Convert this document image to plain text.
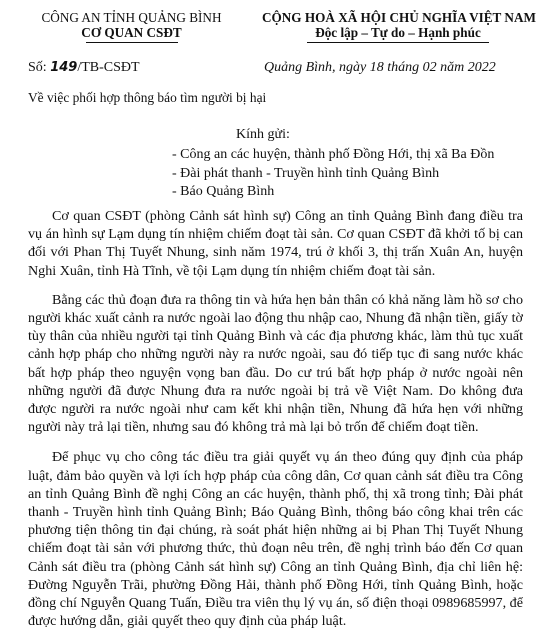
CÔNG AN TỈNH QUẢNG BÌNH
CƠ QUAN CSĐT
CỘNG HOÀ XÃ HỘI CHỦ NGHĨA VIỆT NAM
Độc lập – Tự do – Hạnh phúc
Số: 149/TB-CSĐT	Quảng Bình, ngày 18 tháng 02 năm 2022
Về việc phối hợp thông báo tìm người bị hại
Kính gửi:
- Công an các huyện, thành phố Đồng Hới, thị xã Ba Đồn
- Đài phát thanh - Truyền hình tỉnh Quảng Bình
- Báo Quảng Bình

Cơ quan CSĐT (phòng Cảnh sát hình sự) Công an tỉnh Quảng Bình đang điều tra vụ án hình sự Lạm dụng tín nhiệm chiếm đoạt tài sản. Cơ quan CSĐT đã khởi tố bị can đối với Phan Thị Tuyết Nhung, sinh năm 1974, trú ở khối 3, thị trấn Xuân An, huyện Nghi Xuân, tỉnh Hà Tĩnh, về tội Lạm dụng tín nhiệm chiếm đoạt tài sản.

Bằng các thủ đoạn đưa ra thông tin và hứa hẹn bản thân có khả năng làm hồ sơ cho người khác xuất cảnh ra nước ngoài lao động thu nhập cao, Nhung đã nhận tiền, giấy tờ tùy thân của nhiều người tại tỉnh Quảng Bình và các địa phương khác, làm thủ tục xuất cảnh hợp pháp cho những người này ra nước ngoài, sau đó tiếp tục đi sang nước khác bất hợp pháp theo nguyện vọng ban đầu. Do cư trú bất hợp pháp ở nước ngoài nên những người đã được Nhung đưa ra nước ngoài bị trả về Việt Nam. Do không đưa được người ra nước ngoài như cam kết khi nhận tiền, Nhung đã hứa hẹn với những người này trả lại tiền, nhưng sau đó không trả mà lại bỏ trốn để chiếm đoạt tiền.

Để phục vụ cho công tác điều tra giải quyết vụ án theo đúng quy định của pháp luật, đảm bảo quyền và lợi ích hợp pháp của công dân, Cơ quan cảnh sát điều tra Công an tỉnh Quảng Bình đề nghị Công an các huyện, thành phố, thị xã trong tỉnh; Đài phát thanh - Truyền hình tỉnh Quảng Bình; Báo Quảng Bình, thông báo công khai trên các phương tiện thông tin đại chúng, rà soát phát hiện những ai bị Phan Thị Tuyết Nhung chiếm đoạt tài sản với phương thức, thủ đoạn nêu trên, đề nghị trình báo đến Cơ quan Cảnh sát điều tra (phòng Cảnh sát hình sự) Công an tỉnh Quảng Bình, địa chỉ liên hệ: Đường Nguyễn Trãi, phường Đồng Hải, thành phố Đồng Hới, tỉnh Quảng Bình, hoặc đồng chí Nguyễn Quang Tuấn, Điều tra viên thụ lý vụ án, số điện thoại 0989685997, để được hướng dẫn, giải quyết theo quy định của pháp luật.
